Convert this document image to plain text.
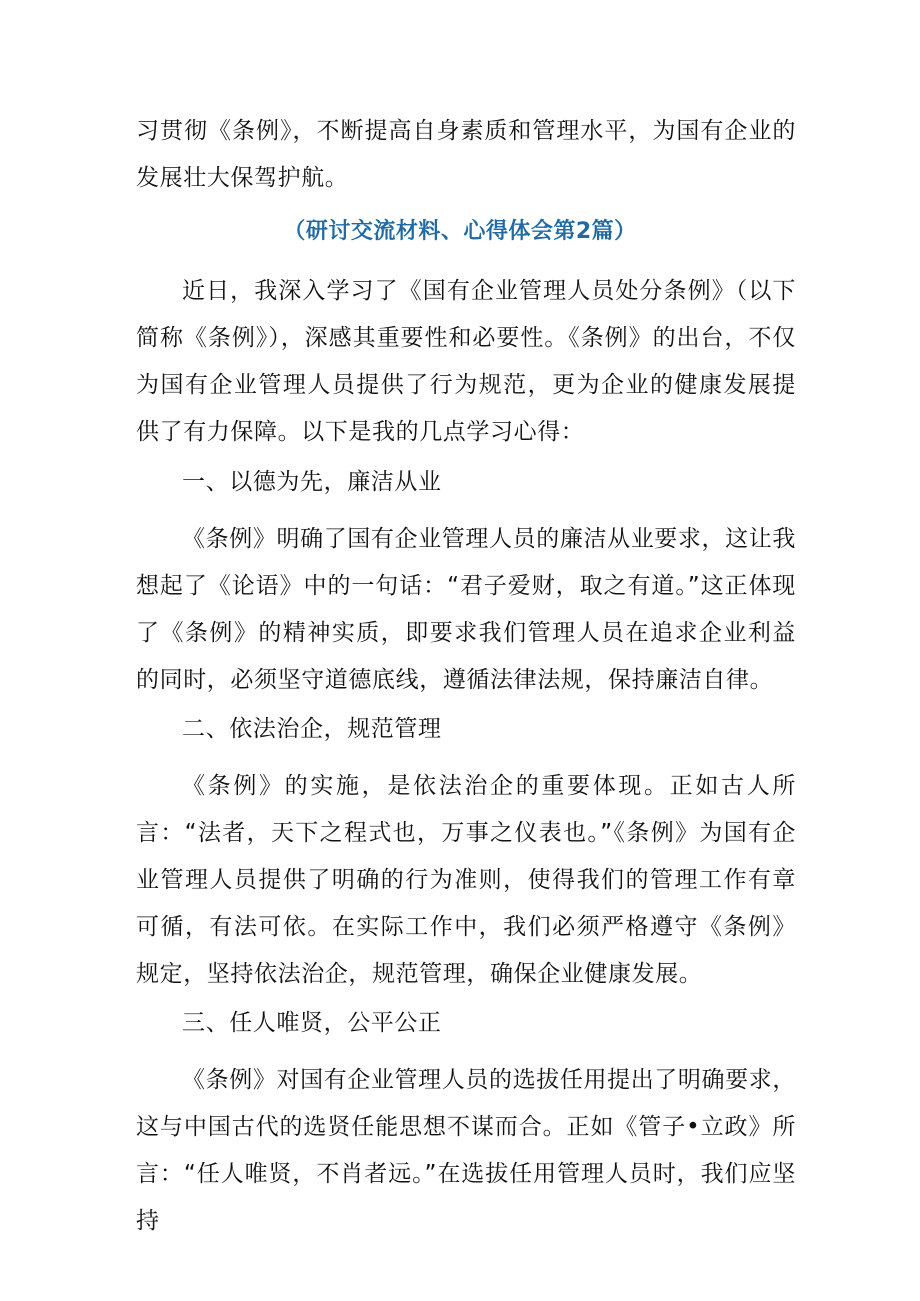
习贯彻《条例》，不断提高自身素质和管理水平，为国有企业的发展壮大保驾护航。

（研讨交流材料、心得体会第2篇）

近日，我深入学习了《国有企业管理人员处分条例》（以下简称《条例》），深感其重要性和必要性。《条例》的出台，不仅为国有企业管理人员提供了行为规范，更为企业的健康发展提供了有力保障。以下是我的几点学习心得：

一、以德为先，廉洁从业

《条例》明确了国有企业管理人员的廉洁从业要求，这让我想起了《论语》中的一句话：“君子爱财，取之有道。”这正体现了《条例》的精神实质，即要求我们管理人员在追求企业利益的同时，必须坚守道德底线，遵循法律法规，保持廉洁自律。

二、依法治企，规范管理

《条例》的实施，是依法治企的重要体现。正如古人所言：“法者，天下之程式也，万事之仪表也。”《条例》为国有企业管理人员提供了明确的行为准则，使得我们的管理工作有章可循，有法可依。在实际工作中，我们必须严格遵守《条例》规定，坚持依法治企，规范管理，确保企业健康发展。

三、任人唯贤，公平公正

《条例》对国有企业管理人员的选拔任用提出了明确要求，这与中国古代的选贤任能思想不谋而合。正如《管子•立政》所言：“任人唯贤，不肖者远。”在选拔任用管理人员时，我们应坚持
